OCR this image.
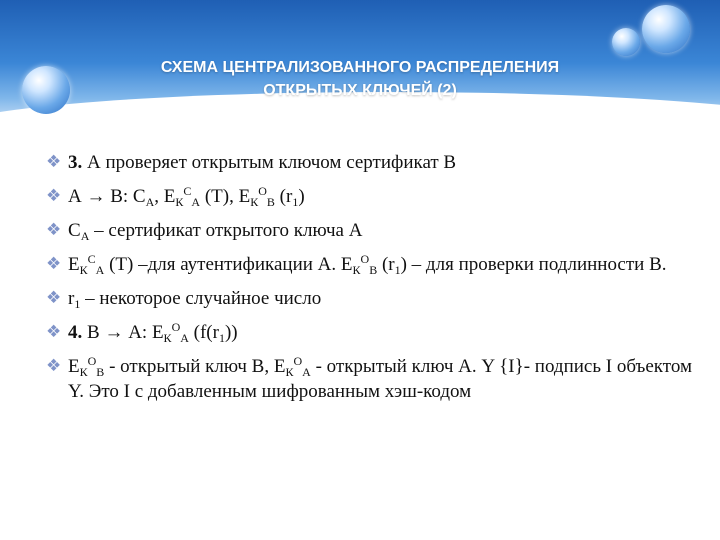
СХЕМА ЦЕНТРАЛИЗОВАННОГО РАСПРЕДЕЛЕНИЯ
ОТКРЫТЫХ КЛЮЧЕЙ (2)
❖ 3. А проверяет открытым ключом сертификат В
❖ А → В: $С_А$, $Е_К^С_А$ (Т), $Е_К^О_В$ $(r_1)$
❖ $С_А$ – сертификат открытого ключа А
❖ $Е_К^С_А$ (Т) –для аутентификации А. $Е_К^О_В$ $(r_1)$ – для проверки подлинности В.
❖ $r_1$ – некоторое случайное число
❖ 4. В → А: $Е_К^О_А$ $(f(r_1))$
❖ $Е_К^О_В$ - открытый ключ В, $Е_К^О_А$ - открытый ключ А. Y {I}- подпись I объектом Y. Это I с добавленным шифрованным хэш-кодом
